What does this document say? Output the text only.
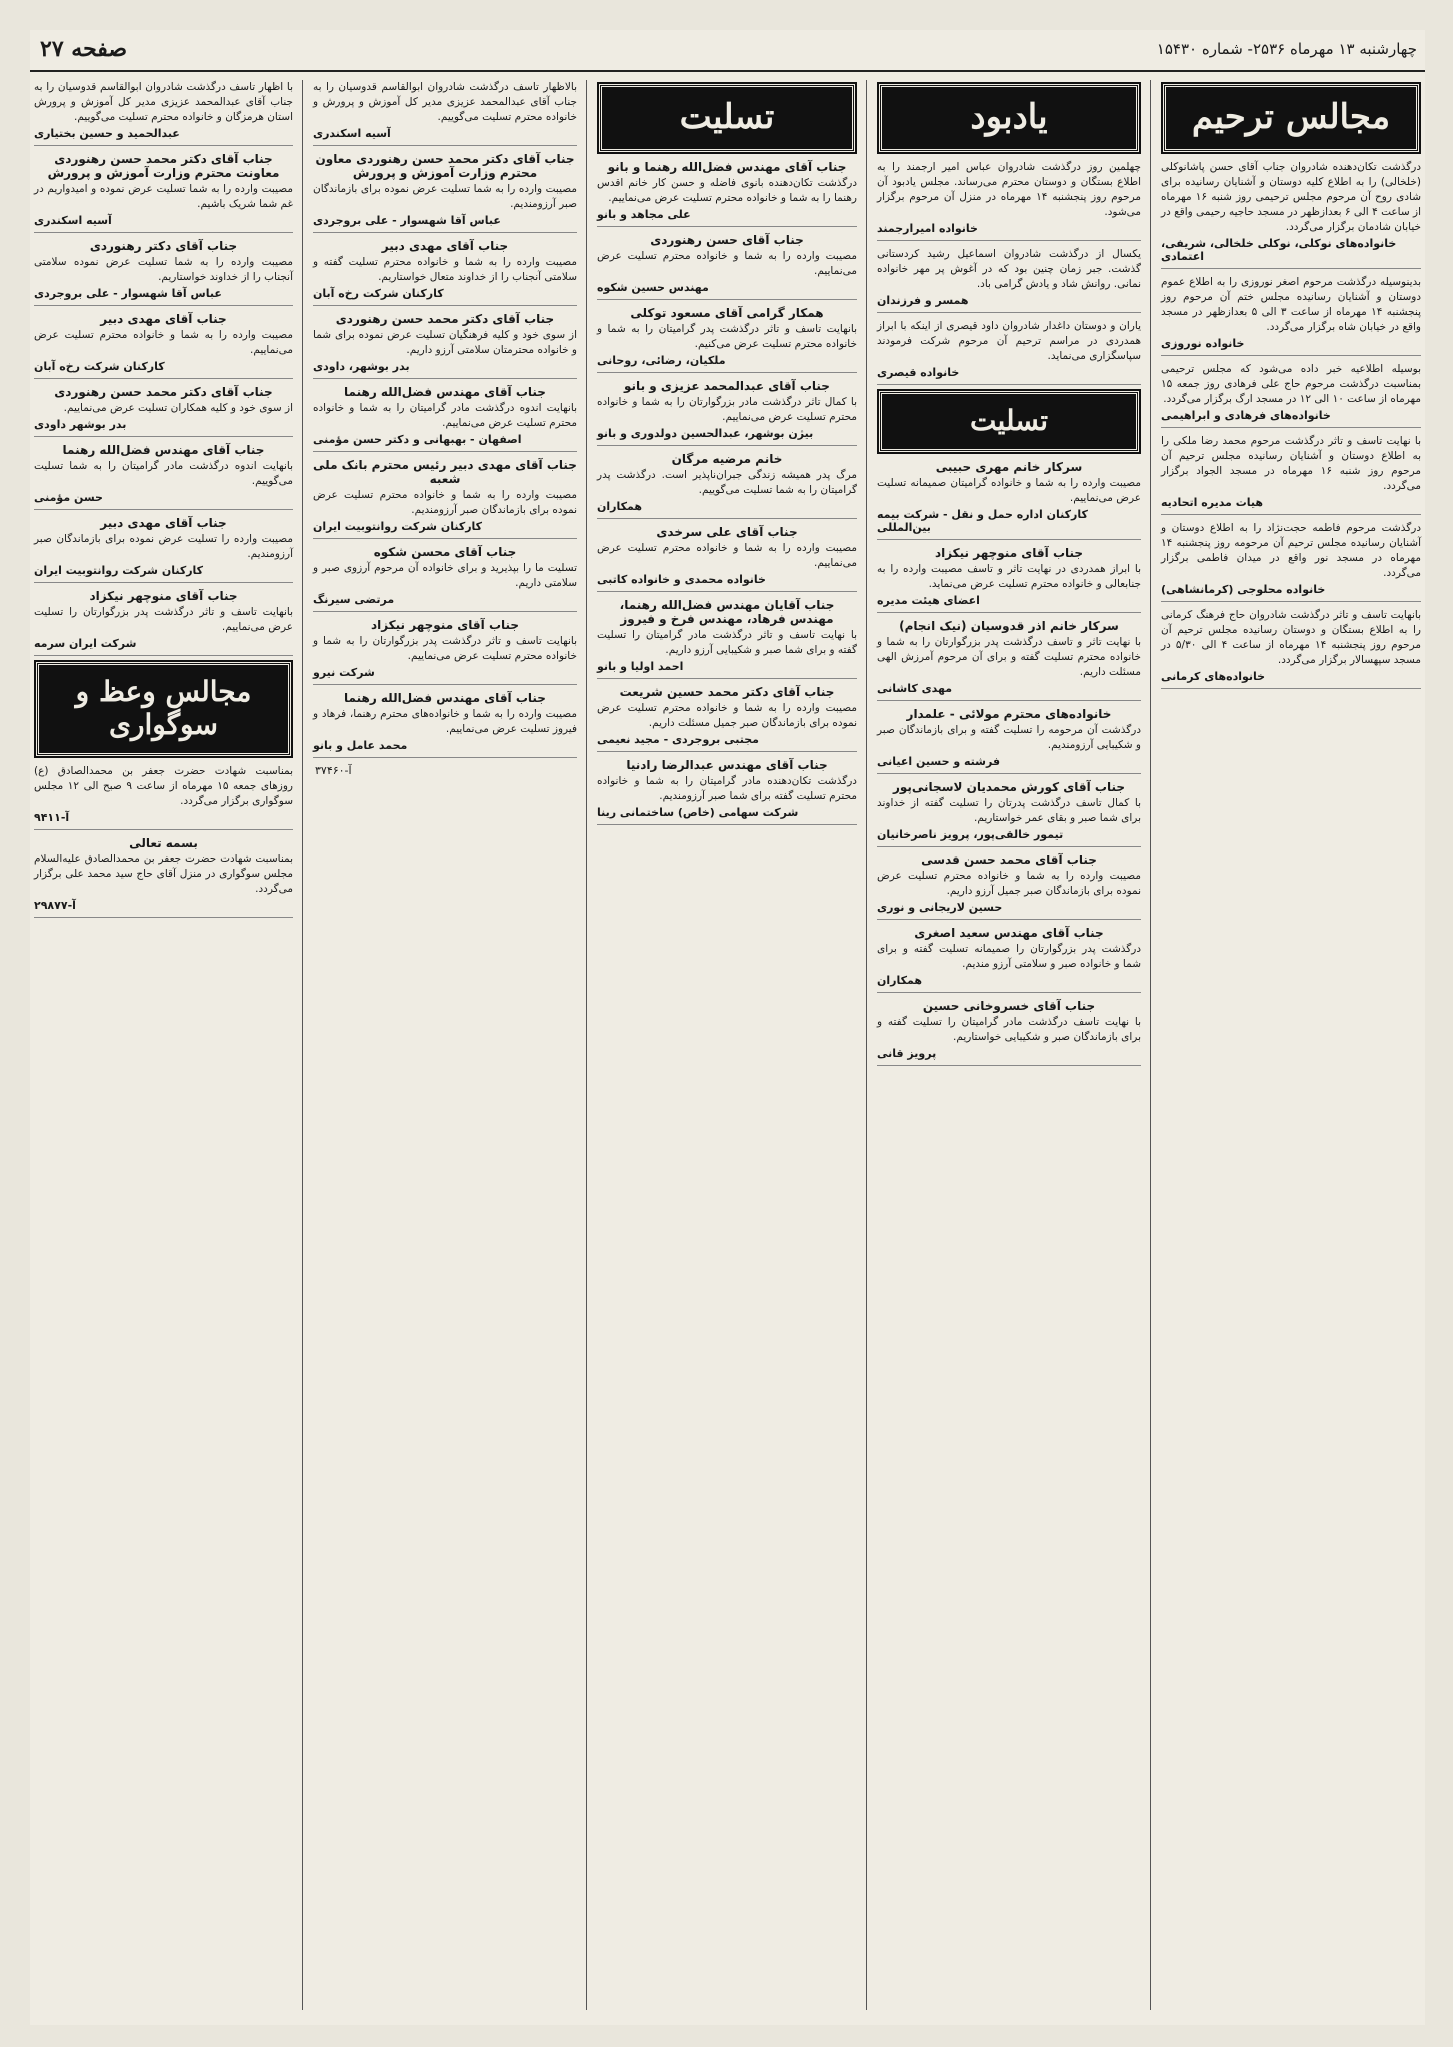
چهارشنبه ۱۳ مهرماه ۲۵۳۶- شماره ۱۵۴۳۰
صفحه ۲۷
مجالس ترحیم
درگذشت تکان‌دهنده شادروان جناب آقای حسن پاشانوکلی (خلخالی) را به اطلاع کلیه دوستان و آشنایان رسانیده برای شادی روح آن مرحوم مجلس ترحیمی روز شنبه ۱۶ مهرماه از ساعت ۴ الی ۶ بعدازظهر در مسجد حاجیه رحیمی واقع در خیابان شادمان برگزار می‌گردد.
خانواده‌های نوکلی، نوکلی خلخالی، شریفی، اعتمادی
بدینوسیله درگذشت مرحوم اصغر نوروزی را به اطلاع عموم دوستان و آشنایان رسانیده مجلس ختم آن مرحوم روز پنجشنبه ۱۴ مهرماه از ساعت ۳ الی ۵ بعدازظهر در مسجد واقع در خیابان شاه برگزار می‌گردد.
خانواده نوروزی
بوسیله اطلاعیه خبر داده می‌شود که مجلس ترحیمی بمناسبت درگذشت مرحوم حاج علی فرهادی روز جمعه ۱۵ مهرماه از ساعت ۱۰ الی ۱۲ در مسجد ارگ برگزار می‌گردد.
خانواده‌های فرهادی و ابراهیمی
با نهایت تاسف و تاثر درگذشت مرحوم محمد رضا ملکی را به اطلاع دوستان و آشنایان رسانیده مجلس ترحیم آن مرحوم روز شنبه ۱۶ مهرماه در مسجد الجواد برگزار می‌گردد.
هیات مدیره اتحادیه
درگذشت مرحوم فاطمه حجت‌نژاد را به اطلاع دوستان و آشنایان رسانیده مجلس ترحیم آن مرحومه روز پنجشنبه ۱۴ مهرماه در مسجد نور واقع در میدان فاطمی برگزار می‌گردد.
خانواده محلوجی (کرمانشاهی)
بانهایت تاسف و تاثر درگذشت شادروان حاج فرهنگ کرمانی را به اطلاع بستگان و دوستان رسانیده مجلس ترحیم آن مرحوم روز پنجشنبه ۱۴ مهرماه از ساعت ۴ الی ۵/۳۰ در مسجد سپهسالار برگزار می‌گردد.
خانواده‌های کرمانی
یادبود
چهلمین روز درگذشت شادروان عباس امیر ارجمند را به اطلاع بستگان و دوستان محترم می‌رساند. مجلس یادبود آن مرحوم روز پنجشنبه ۱۴ مهرماه در منزل آن مرحوم برگزار می‌شود.
خانواده امیرارجمند
یکسال از درگذشت شادروان اسماعیل رشید کردستانی گذشت. جبر زمان چنین بود که در آغوش پر مهر خانواده نمانی. روانش شاد و یادش گرامی باد.
همسر و فرزندان
یاران و دوستان داغدار شادروان داود قیصری از اینکه با ابراز همدردی در مراسم ترحیم آن مرحوم شرکت فرمودند سپاسگزاری می‌نماید.
خانواده قیصری
تسلیت
سرکار خانم مهری حبیبی
مصیبت وارده را به شما و خانواده گرامیتان صمیمانه تسلیت عرض می‌نماییم.
کارکنان اداره حمل و نقل - شرکت بیمه بین‌المللی
جناب آقای منوچهر نیکزاد
با ابراز همدردی در نهایت تاثر و تاسف مصیبت وارده را به جنابعالی و خانواده محترم تسلیت عرض می‌نماید.
اعضای هیئت مدیره
سرکار خانم اذر قدوسیان (نیک انجام)
با نهایت تاثر و تاسف درگذشت پدر بزرگوارتان را به شما و خانواده محترم تسلیت گفته و برای آن مرحوم آمرزش الهی مسئلت داریم.
مهدی کاشانی
خانواده‌های محترم مولائی - علمدار
درگذشت آن مرحومه را تسلیت گفته و برای بازماندگان صبر و شکیبایی آرزومندیم.
فرشته و حسین اعیانی
جناب آقای کورش محمدیان لاسجانی‌پور
با کمال تاسف درگذشت پدرتان را تسلیت گفته از خداوند برای شما صبر و بقای عمر خواستاریم.
تیمور خالقی‌پور، پرویز ناصرخانیان
جناب آقای محمد حسن قدسی
مصیبت وارده را به شما و خانواده محترم تسلیت عرض نموده برای بازماندگان صبر جمیل آرزو داریم.
حسین لاریجانی و نوری
جناب آقای مهندس سعید اصغری
درگذشت پدر بزرگوارتان را صمیمانه تسلیت گفته و برای شما و خانواده صبر و سلامتی آرزو مندیم.
همکاران
جناب آقای خسرو‌خانی حسین
با نهایت تاسف درگذشت مادر گرامیتان را تسلیت گفته و برای بازماندگان صبر و شکیبایی خواستاریم.
پرویز قانی
تسلیت
جناب آقای مهندس فضل‌الله رهنما و بانو
درگذشت تکان‌دهنده بانوی فاضله و حسن کار خانم اقدس رهنما را به شما و خانواده محترم تسلیت عرض می‌نماییم.
علی مجاهد و بانو
جناب آقای حسن رهنوردی
مصیبت وارده را به شما و خانواده محترم تسلیت عرض می‌نماییم.
مهندس حسین شکوه
همکار گرامی آقای مسعود توکلی
بانهایت تاسف و تاثر درگذشت پدر گرامیتان را به شما و خانواده محترم تسلیت عرض می‌کنیم.
ملکیان، رضائی، روحانی
جناب آقای عبدالمحمد عزیزی و بانو
با کمال تاثر درگذشت مادر بزرگوارتان را به شما و خانواده محترم تسلیت عرض می‌نماییم.
بیژن بوشهر، عبدالحسین دولدوری و بانو
خانم مرضیه مرگان
مرگ پدر همیشه زندگی جبران‌ناپذیر است. درگذشت پدر گرامیتان را به شما تسلیت می‌گوییم.
همکاران
جناب آقای علی سرخدی
مصیبت وارده را به شما و خانواده محترم تسلیت عرض می‌نماییم.
خانواده محمدی و خانواده کاتبی
جناب آقایان مهندس فضل‌الله رهنما، مهندس فرهاد، مهندس فرخ و فیروز
با نهایت تاسف و تاثر درگذشت مادر گرامیتان را تسلیت گفته و برای شما صبر و شکیبایی آرزو داریم.
احمد اولیا و بانو
جناب آقای دکتر محمد حسین شریعت
مصیبت وارده را به شما و خانواده محترم تسلیت عرض نموده برای بازماندگان صبر جمیل مسئلت داریم.
مجتبی بروجردی - مجید نعیمی
جناب آقای مهندس عبدالرضا رادنیا
درگذشت تکان‌دهنده مادر گرامیتان را به شما و خانواده محترم تسلیت گفته برای شما صبر آرزومندیم.
شرکت سهامی (خاص) ساختمانی رینا
بالاظهار تاسف درگذشت شادروان ابوالقاسم قدوسیان را به جناب آقای عبدالمحمد عزیزی مدیر کل آموزش و پرورش و خانواده محترم تسلیت می‌گوییم.
آسیه اسکندری
جناب آقای دکتر محمد حسن رهنوردی معاون محترم وزارت آموزش و پرورش
مصیبت وارده را به شما تسلیت عرض نموده برای بازماندگان صبر آرزومندیم.
عباس آقا شهسوار - علی بروجردی
جناب آقای مهدی دبیر
مصیبت وارده را به شما و خانواده محترم تسلیت گفته و سلامتی آنجناب را از خداوند متعال خواستاریم.
کارکنان شرکت رخ‌ه آبان
جناب آقای دکتر محمد حسن رهنوردی
از سوی خود و کلیه فرهنگیان تسلیت عرض نموده برای شما و خانواده محترمتان سلامتی آرزو داریم.
بدر بوشهر، داودی
جناب آقای مهندس فضل‌الله رهنما
بانهایت اندوه درگذشت مادر گرامیتان را به شما و خانواده محترم تسلیت عرض می‌نماییم.
اصفهان - بهبهانی و دکتر حسن مؤمنی
جناب آقای مهدی دبیر رئیس محترم بانک ملی شعبه
مصیبت وارده را به شما و خانواده محترم تسلیت عرض نموده برای بازماندگان صبر آرزومندیم.
کارکنان شرکت روانتوبیت ایران
جناب آقای محسن شکوه
تسلیت ما را بپذیرید و برای خانواده آن مرحوم آرزوی صبر و سلامتی داریم.
مرتضی سیرنگ
جناب آقای منوچهر نیکزاد
بانهایت تاسف و تاثر درگذشت پدر بزرگوارتان را به شما و خانواده محترم تسلیت عرض می‌نماییم.
شرکت نیرو
جناب آقای مهندس فضل‌الله رهنما
مصیبت وارده را به شما و خانواده‌های محترم رهنما، فرهاد و فیروز تسلیت عرض می‌نماییم.
محمد عامل و بانو
آ-۳۷۴۶۰
با اظهار تاسف درگذشت شادروان ابوالقاسم قدوسیان را به جناب آقای عبدالمحمد عزیزی مدیر کل آموزش و پرورش استان هرمزگان و خانواده محترم تسلیت می‌گوییم.
عبدالحمید و حسین بختیاری
جناب آقای دکتر محمد حسن رهنوردی معاونت محترم وزارت آموزش و پرورش
مصیبت وارده را به شما تسلیت عرض نموده و امیدواریم در غم شما شریک باشیم.
آسیه اسکندری
جناب آقای دکتر رهنوردی
مصیبت وارده را به شما تسلیت عرض نموده سلامتی آنجناب را از خداوند خواستاریم.
عباس آقا شهسوار - علی بروجردی
جناب آقای مهدی دبیر
مصیبت وارده را به شما و خانواده محترم تسلیت عرض می‌نماییم.
کارکنان شرکت رخ‌ه آبان
جناب آقای دکتر محمد حسن رهنوردی
از سوی خود و کلیه همکاران تسلیت عرض می‌نماییم.
بدر بوشهر داودی
جناب آقای مهندس فضل‌الله رهنما
بانهایت اندوه درگذشت مادر گرامیتان را به شما تسلیت می‌گوییم.
حسن مؤمنی
جناب آقای مهدی دبیر
مصیبت وارده را تسلیت عرض نموده برای بازماندگان صبر آرزومندیم.
کارکنان شرکت روانتوبیت ایران
جناب آقای منوچهر نیکزاد
بانهایت تاسف و تاثر درگذشت پدر بزرگوارتان را تسلیت عرض می‌نماییم.
شرکت ایران سرمه
مجالس وعظ و سوگواری
بمناسبت شهادت حضرت جعفر بن محمدالصادق (ع) روزهای جمعه ۱۵ مهرماه از ساعت ۹ صبح الی ۱۲ مجلس سوگواری برگزار می‌گردد.
آ-۹۴۱۱
بسمه تعالی
بمناسبت شهادت حضرت جعفر بن محمدالصادق علیه‌السلام مجلس سوگواری در منزل آقای حاج سید محمد علی برگزار می‌گردد.
آ-۲۹۸۷۷
